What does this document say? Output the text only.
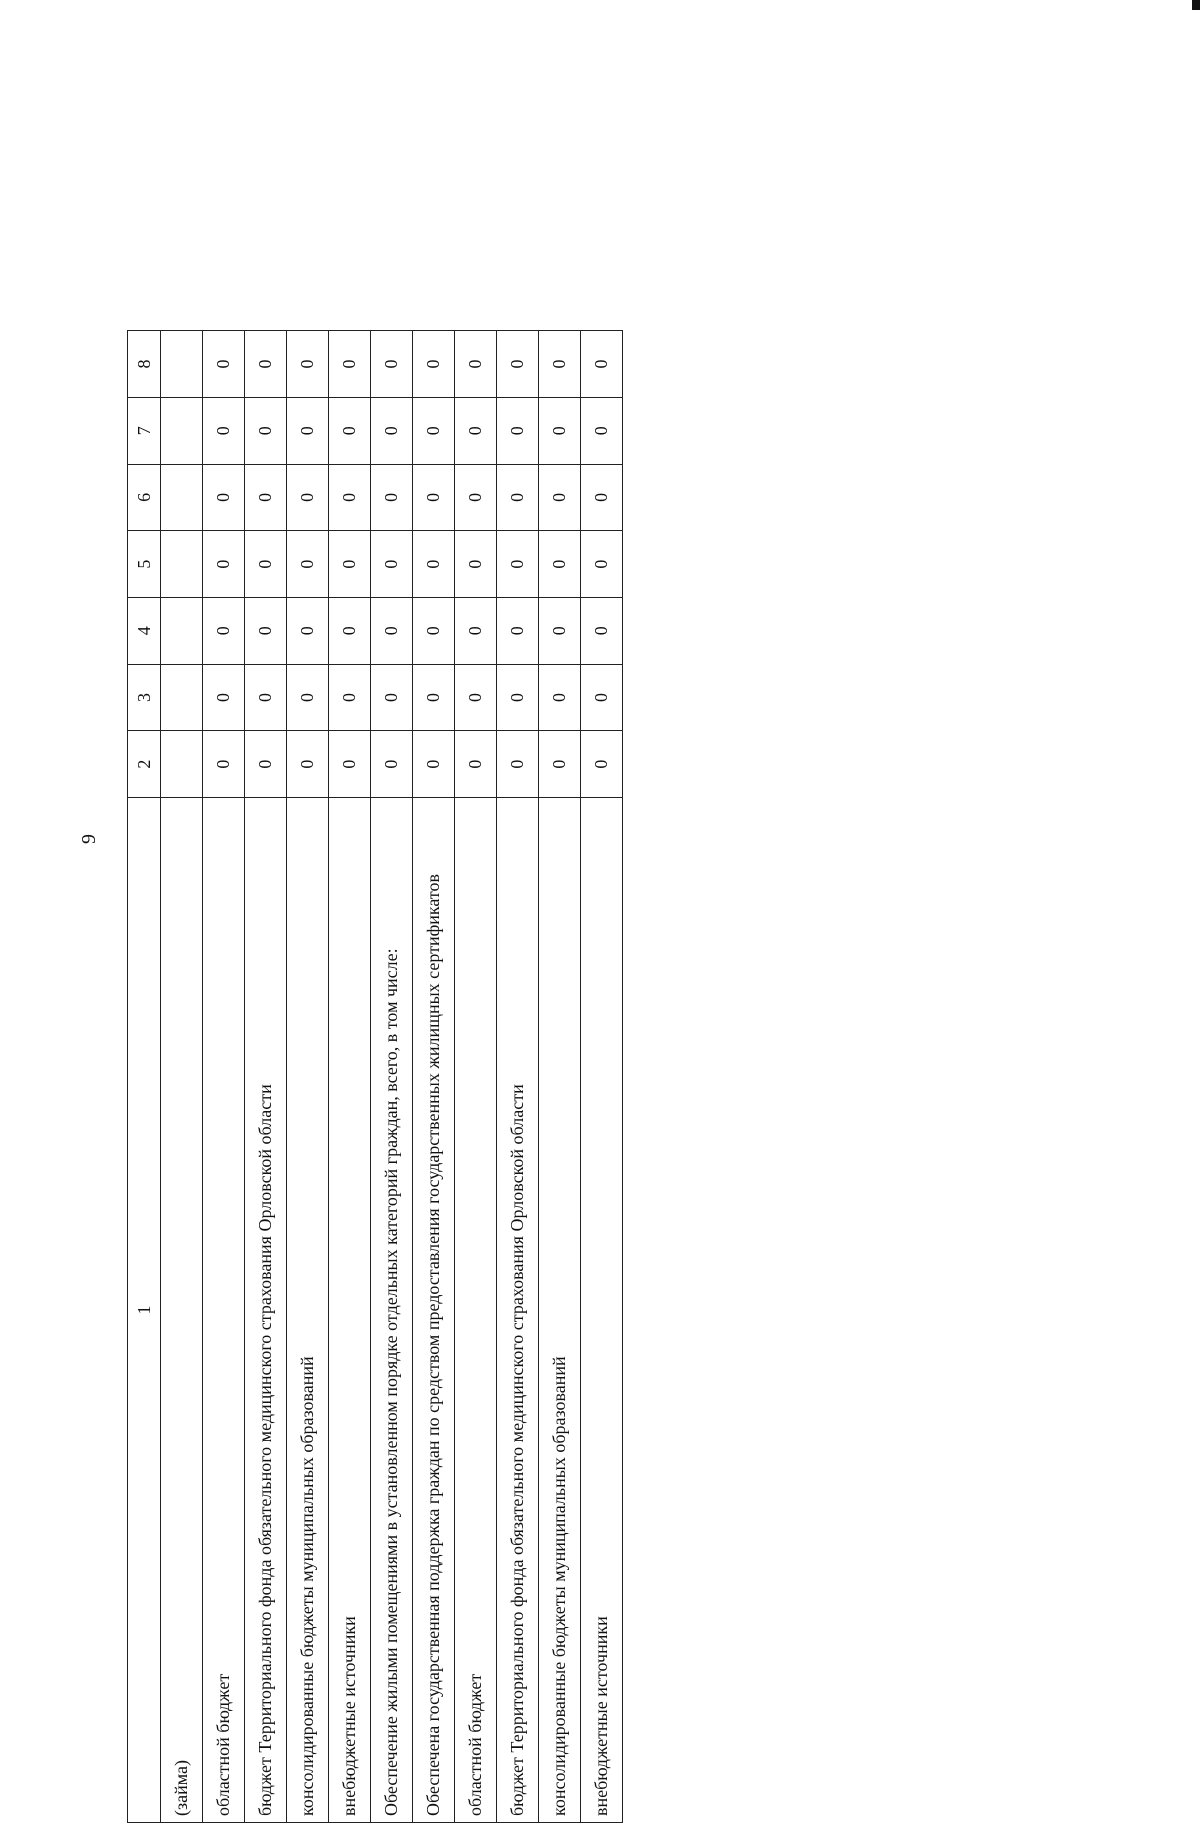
9
1	2	3	4	5	6	7	8
(займа)							
областной бюджет	0	0	0	0	0	0	0
бюджет Территориального фонда обязательного медицинского страхования Орловской области	0	0	0	0	0	0	0
консолидированные бюджеты муниципальных образований	0	0	0	0	0	0	0
внебюджетные источники	0	0	0	0	0	0	0
Обеспечение жилыми помещениями в установленном порядке отдельных категорий граждан, всего, в том числе:	0	0	0	0	0	0	0
Обеспечена государственная поддержка граждан по средством предоставления государственных жилищных сертификатов	0	0	0	0	0	0	0
областной бюджет	0	0	0	0	0	0	0
бюджет Территориального фонда обязательного медицинского страхования Орловской области	0	0	0	0	0	0	0
консолидированные бюджеты муниципальных образований	0	0	0	0	0	0	0
внебюджетные источники	0	0	0	0	0	0	0
